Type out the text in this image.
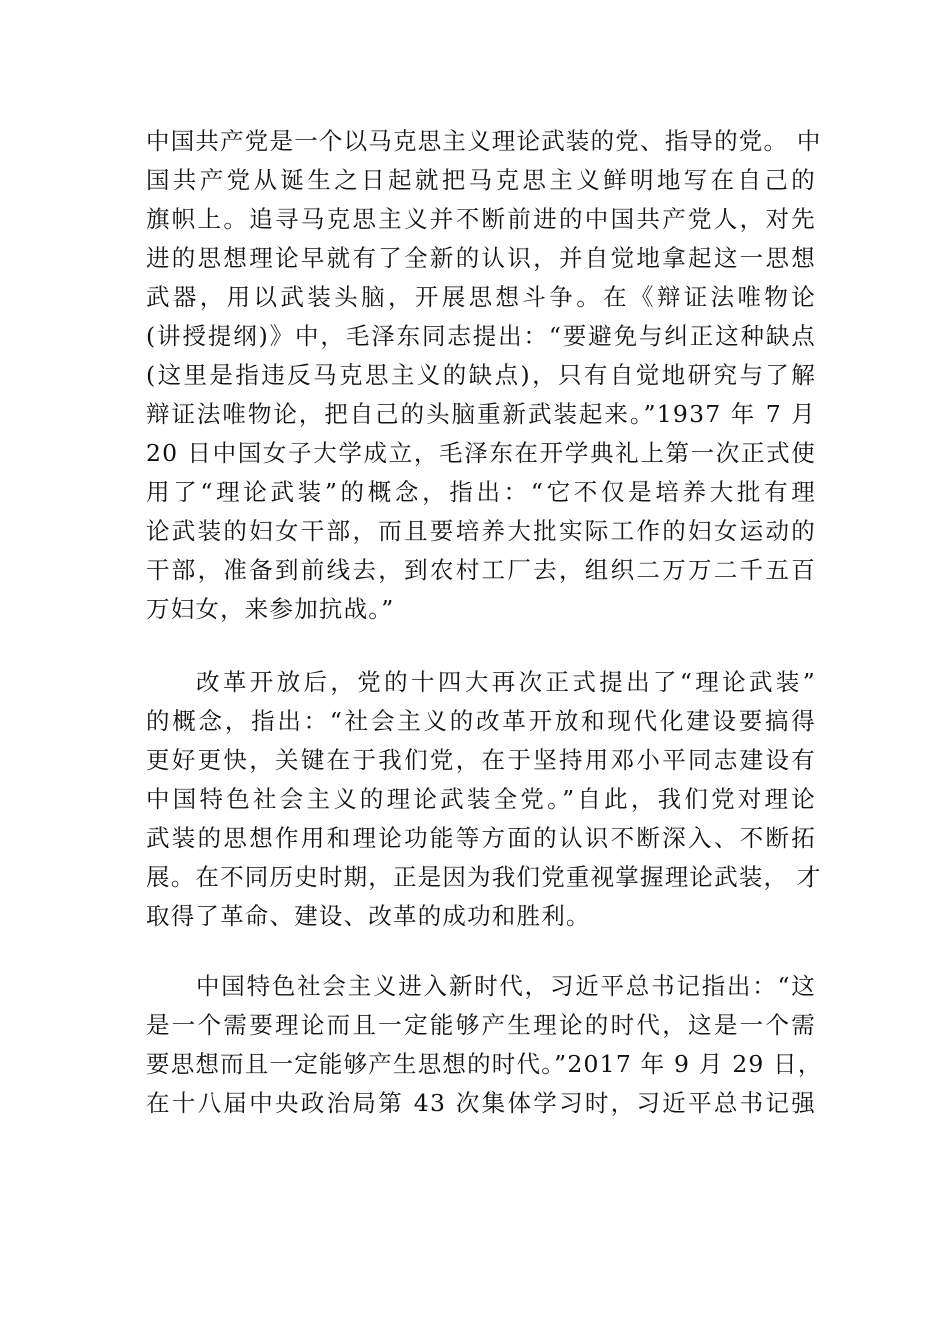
中国共产党是一个以马克思主义理论武装的党、指导的党。 中
国共产党从诞生之日起就把马克思主义鲜明地写在自己的
旗帜上。追寻马克思主义并不断前进的中国共产党人，对先
进的思想理论早就有了全新的认识，并自觉地拿起这一思想
武器，用以武装头脑，开展思想斗争。在《辩证法唯物论
(讲授提纲)》中，毛泽东同志提出：“要避免与纠正这种缺点
(这里是指违反马克思主义的缺点)，只有自觉地研究与了解
辩证法唯物论，把自己的头脑重新武装起来。”1937 年 7 月
20 日中国女子大学成立，毛泽东在开学典礼上第一次正式使
用了“理论武装”的概念，指出：“它不仅是培养大批有理
论武装的妇女干部，而且要培养大批实际工作的妇女运动的
干部，准备到前线去，到农村工厂去，组织二万万二千五百
万妇女，来参加抗战。”
改革开放后，党的十四大再次正式提出了“理论武装”
的概念，指出：“社会主义的改革开放和现代化建设要搞得
更好更快，关键在于我们党，在于坚持用邓小平同志建设有
中国特色社会主义的理论武装全党。”自此，我们党对理论
武装的思想作用和理论功能等方面的认识不断深入、不断拓
展。在不同历史时期，正是因为我们党重视掌握理论武装， 才
取得了革命、建设、改革的成功和胜利。
中国特色社会主义进入新时代，习近平总书记指出：“这
是一个需要理论而且一定能够产生理论的时代，这是一个需
要思想而且一定能够产生思想的时代。”2017 年 9 月 29 日，
在十八届中央政治局第 43 次集体学习时，习近平总书记强
